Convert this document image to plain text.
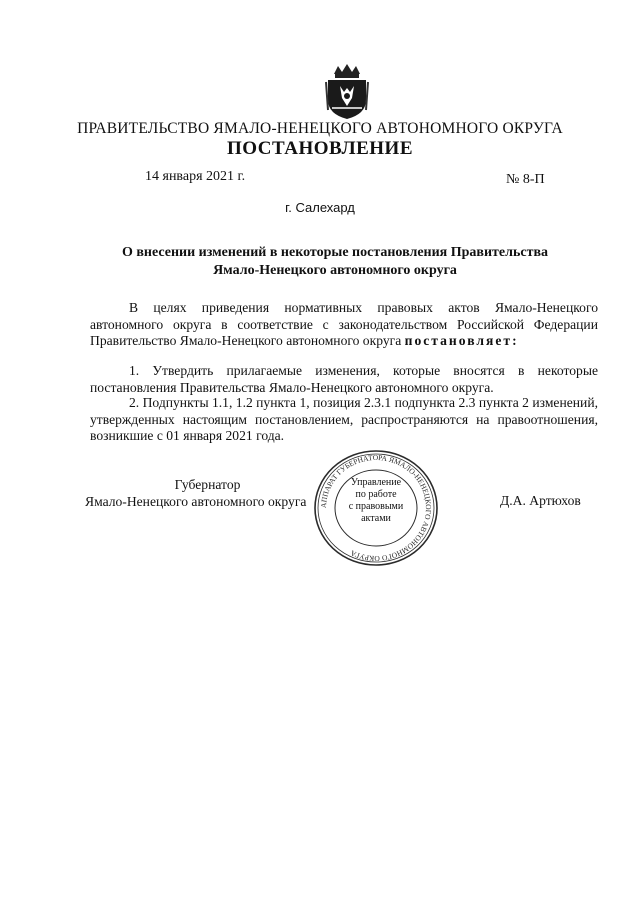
ПРАВИТЕЛЬСТВО ЯМАЛО-НЕНЕЦКОГО АВТОНОМНОГО ОКРУГА
ПОСТАНОВЛЕНИЕ
14 января 2021 г.	№ 8-П
г. Салехард
О внесении изменений в некоторые постановления Правительства
Ямало-Ненецкого автономного округа
В целях приведения нормативных правовых актов Ямало-Ненецкого автономного округа в соответствие с законодательством Российской Федерации Правительство Ямало-Ненецкого автономного округа постановляет:
1. Утвердить прилагаемые изменения, которые вносятся в некоторые постановления Правительства Ямало-Ненецкого автономного округа.
2. Подпункты 1.1, 1.2 пункта 1, позиция 2.3.1 подпункта 2.3 пункта 2 изменений, утвержденных настоящим постановлением, распространяются на правоотношения, возникшие с 01 января 2021 года.
Губернатор
Ямало-Ненецкого автономного округа	Д.А. Артюхов
АППАРАТ ГУБЕРНАТОРА ЯМАЛО-НЕНЕЦКОГО АВТОНОМНОГО ОКРУГА
Управление
по работе
с правовыми
актами
